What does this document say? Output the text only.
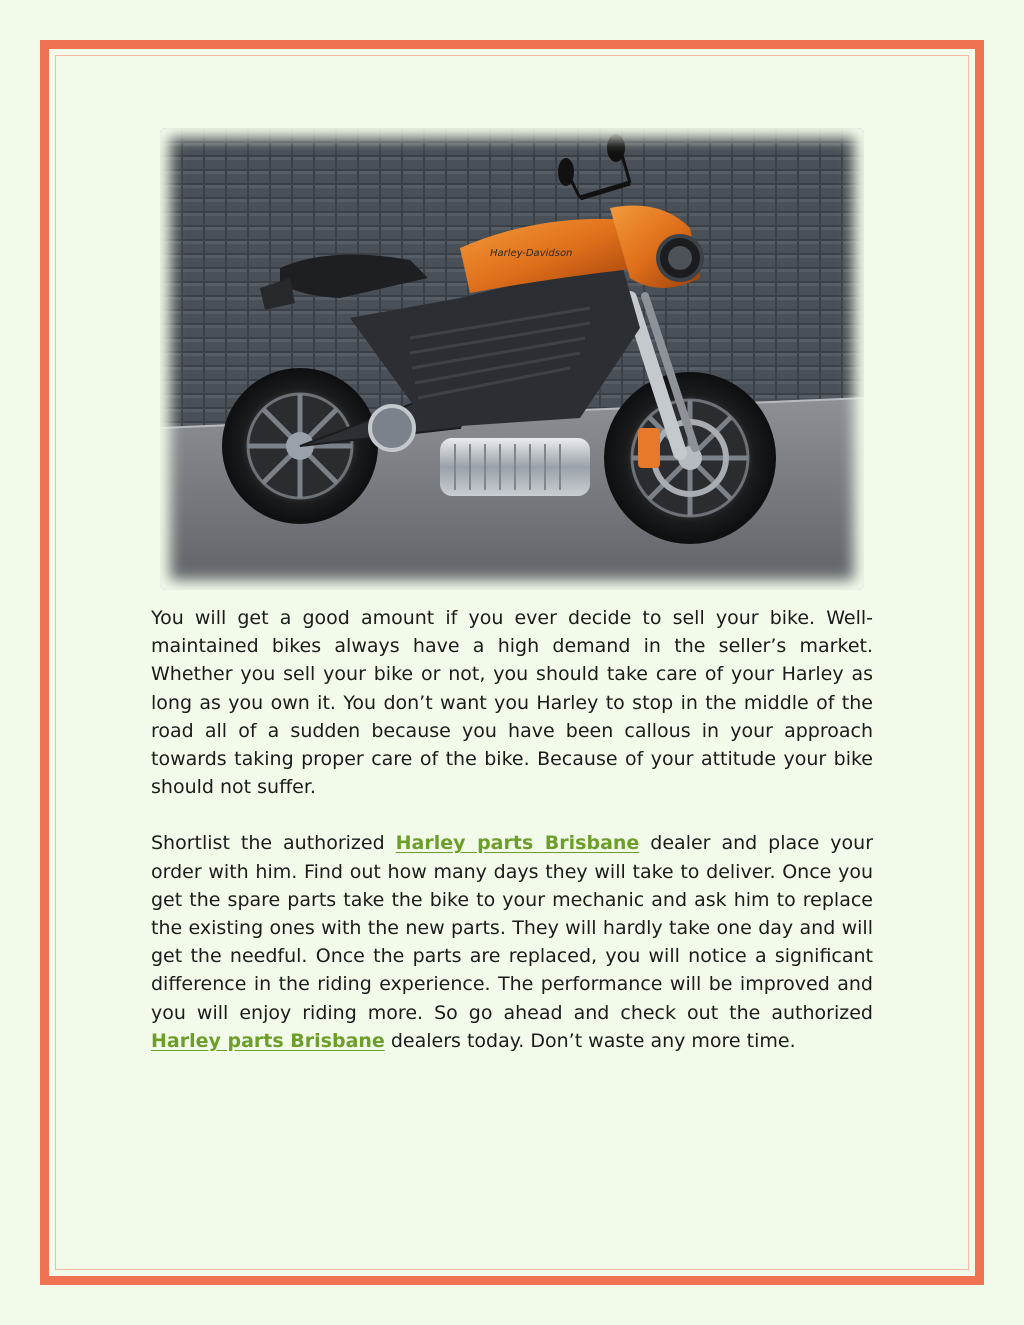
Harley-Davidson

You will get a good amount if you ever decide to sell your bike. Well-maintained bikes always have a high demand in the seller’s market. Whether you sell your bike or not, you should take care of your Harley as long as you own it. You don’t want you Harley to stop in the middle of the road all of a sudden because you have been callous in your approach towards taking proper care of the bike. Because of your attitude your bike should not suffer.

Shortlist the authorized Harley parts Brisbane dealer and place your order with him. Find out how many days they will take to deliver. Once you get the spare parts take the bike to your mechanic and ask him to replace the existing ones with the new parts. They will hardly take one day and will get the needful. Once the parts are replaced, you will notice a significant difference in the riding experience. The performance will be improved and you will enjoy riding more. So go ahead and check out the authorized Harley parts Brisbane dealers today. Don’t waste any more time.
